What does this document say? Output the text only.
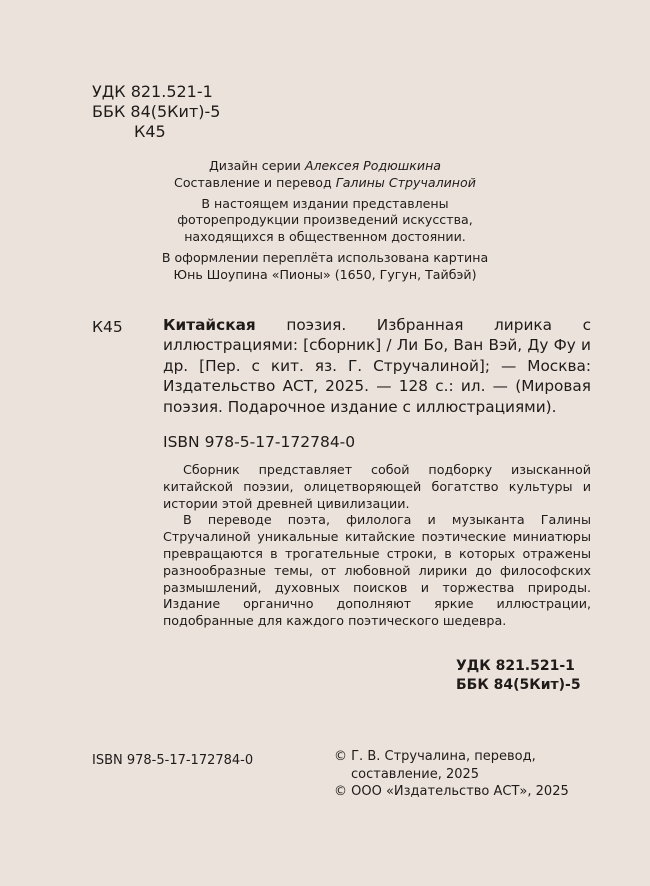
УДК 821.521-1
ББК 84(5Кит)-5
К45
Дизайн серии Алексея Родюшкина
Составление и перевод Галины Стручалиной
В настоящем издании представлены
фоторепродукции произведений искусства,
находящихся в общественном достоянии.
В оформлении переплёта использована картина
Юнь Шоупина «Пионы» (1650, Гугун, Тайбэй)
К45	Китайская поэзия. Избранная лирика с иллюстрациями: [сборник] / Ли Бо, Ван Вэй, Ду Фу и др. [Пер. с кит. яз. Г. Стручалиной]; — Москва: Издательство АСТ, 2025. — 128 с.: ил. — (Мировая поэзия. Подарочное издание с иллюстрациями).
ISBN 978-5-17-172784-0

Сборник представляет собой подборку изысканной китайской поэзии, олицетворяющей богатство культуры и истории этой древней цивилизации.

В переводе поэта, филолога и музыканта Галины Стручалиной уникальные китайские поэтические миниатюры превращаются в трогательные строки, в которых отражены разнообразные темы, от любовной лирики до философских размышлений, духовных поисков и торжества природы. Издание органично дополняют яркие иллюстрации, подобранные для каждого поэтического шедевра.

УДК 821.521-1
ББК 84(5Кит)-5
ISBN 978-5-17-172784-0	© Г. В. Стручалина, перевод,
составление, 2025
© ООО «Издательство АСТ», 2025
